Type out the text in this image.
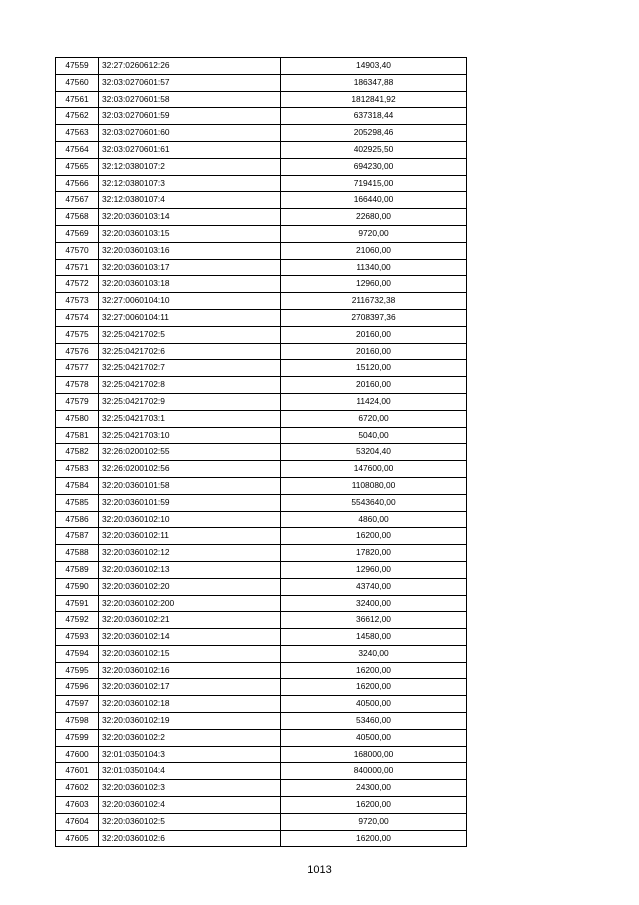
47559	32:27:0260612:26	14903,40
47560	32:03:0270601:57	186347,88
47561	32:03:0270601:58	1812841,92
47562	32:03:0270601:59	637318,44
47563	32:03:0270601:60	205298,46
47564	32:03:0270601:61	402925,50
47565	32:12:0380107:2	694230,00
47566	32:12:0380107:3	719415,00
47567	32:12:0380107:4	166440,00
47568	32:20:0360103:14	22680,00
47569	32:20:0360103:15	9720,00
47570	32:20:0360103:16	21060,00
47571	32:20:0360103:17	11340,00
47572	32:20:0360103:18	12960,00
47573	32:27:0060104:10	2116732,38
47574	32:27:0060104:11	2708397,36
47575	32:25:0421702:5	20160,00
47576	32:25:0421702:6	20160,00
47577	32:25:0421702:7	15120,00
47578	32:25:0421702:8	20160,00
47579	32:25:0421702:9	11424,00
47580	32:25:0421703:1	6720,00
47581	32:25:0421703:10	5040,00
47582	32:26:0200102:55	53204,40
47583	32:26:0200102:56	147600,00
47584	32:20:0360101:58	1108080,00
47585	32:20:0360101:59	5543640,00
47586	32:20:0360102:10	4860,00
47587	32:20:0360102:11	16200,00
47588	32:20:0360102:12	17820,00
47589	32:20:0360102:13	12960,00
47590	32:20:0360102:20	43740,00
47591	32:20:0360102:200	32400,00
47592	32:20:0360102:21	36612,00
47593	32:20:0360102:14	14580,00
47594	32:20:0360102:15	3240,00
47595	32:20:0360102:16	16200,00
47596	32:20:0360102:17	16200,00
47597	32:20:0360102:18	40500,00
47598	32:20:0360102:19	53460,00
47599	32:20:0360102:2	40500,00
47600	32:01:0350104:3	168000,00
47601	32:01:0350104:4	840000,00
47602	32:20:0360102:3	24300,00
47603	32:20:0360102:4	16200,00
47604	32:20:0360102:5	9720,00
47605	32:20:0360102:6	16200,00
1013
